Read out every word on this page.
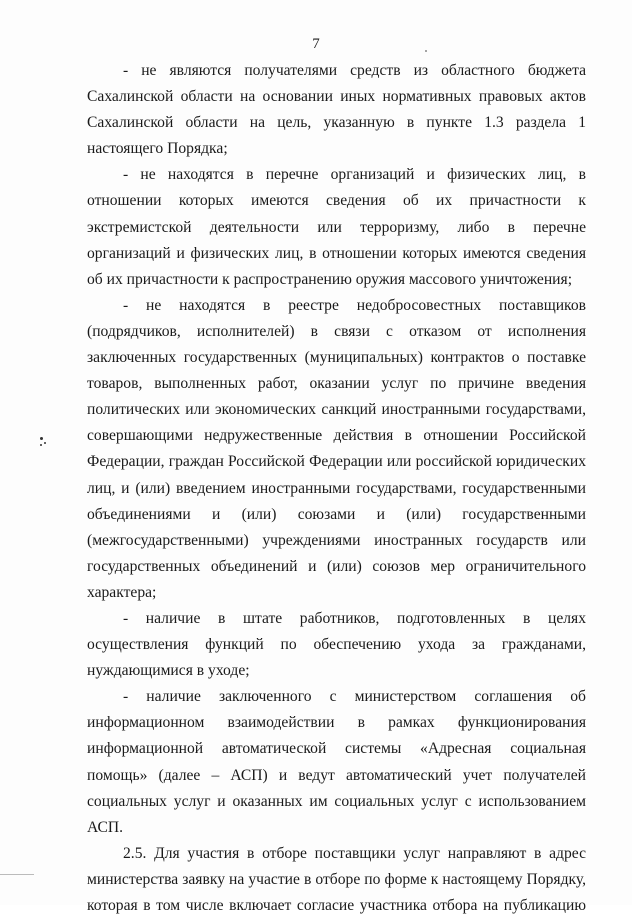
7

- не являются получателями средств из областного бюджета Сахалинской области на основании иных нормативных правовых актов Сахалинской области на цель, указанную в пункте 1.3 раздела 1 настоящего Порядка;

- не находятся в перечне организаций и физических лиц, в отношении которых имеются сведения об их причастности к экстремистской деятельности или терроризму, либо в перечне организаций и физических лиц, в отношении которых имеются сведения об их причастности к распространению оружия массового уничтожения;

- не находятся в реестре недобросовестных поставщиков (подрядчиков, исполнителей) в связи с отказом от исполнения заключенных государственных (муниципальных) контрактов о поставке товаров, выполненных работ, оказании услуг по причине введения политических или экономических санкций иностранными государствами, совершающими недружественные действия в отношении Российской Федерации, граждан Российской Федерации или российской юридических лиц, и (или) введением иностранными государствами, государственными объединениями и (или) союзами и (или) государственными (межгосударственными) учреждениями иностранных государств или государственных объединений и (или) союзов мер ограничительного характера;

- наличие в штате работников, подготовленных в целях осуществления функций по обеспечению ухода за гражданами, нуждающимися в уходе;

- наличие заключенного с министерством соглашения об информационном взаимодействии в рамках функционирования информационной автоматической системы «Адресная социальная помощь» (далее – АСП) и ведут автоматический учет получателей социальных услуг и оказанных им социальных услуг с использованием АСП.

2.5. Для участия в отборе поставщики услуг направляют в адрес министерства заявку на участие в отборе по форме к настоящему Порядку, которая в том числе включает согласие участника отбора на публикацию
